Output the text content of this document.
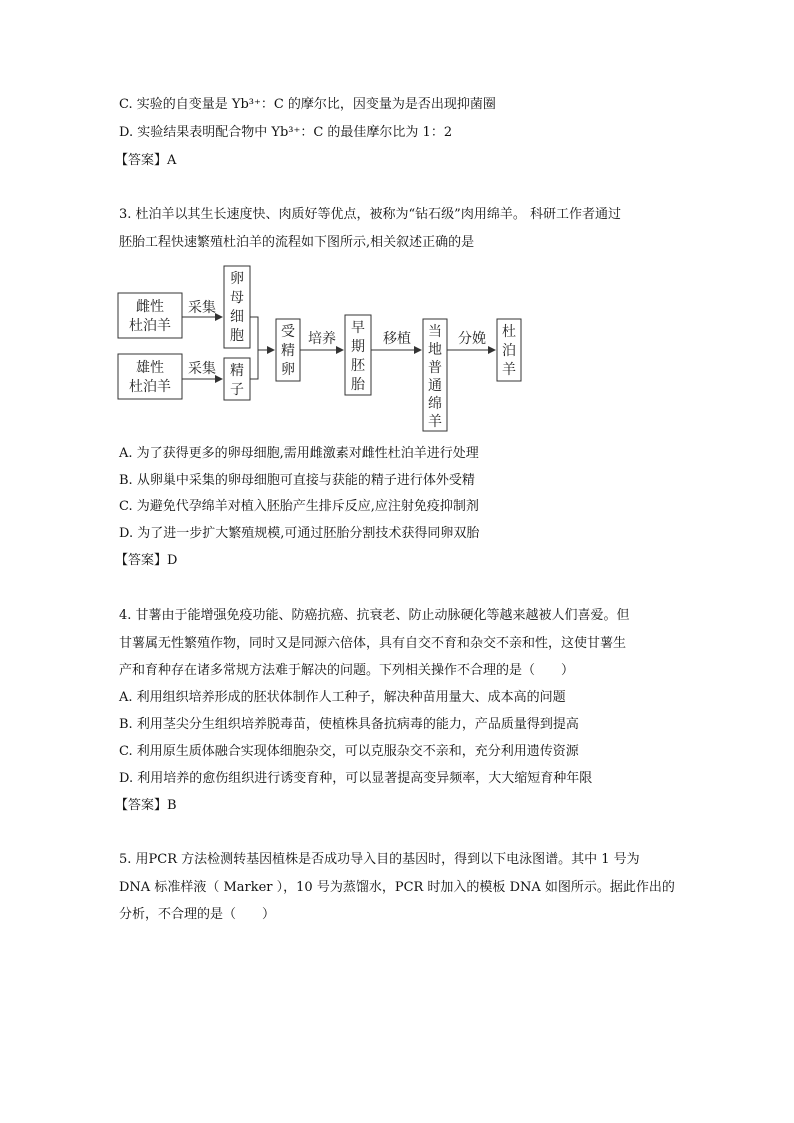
C. 实验的自变量是 Yb³⁺：C 的摩尔比，因变量为是否出现抑菌圈
D. 实验结果表明配合物中 Yb³⁺：C 的最佳摩尔比为 1：2
【答案】A
3. 杜泊羊以其生长速度快、肉质好等优点，被称为“钻石级”肉用绵羊。 科研工作者通过
胚胎工程快速繁殖杜泊羊的流程如下图所示,相关叙述正确的是
雌性
杜泊羊
雄性
杜泊羊
采集
采集
卵
母
细
胞
精
子
受
精
卵
培养
早
期
胚
胎
移植 当
地
普
通
绵
羊
分娩 杜
泊
羊
A. 为了获得更多的卵母细胞,需用雌激素对雌性杜泊羊进行处理
B. 从卵巢中采集的卵母细胞可直接与获能的精子进行体外受精
C. 为避免代孕绵羊对植入胚胎产生排斥反应,应注射免疫抑制剂
D. 为了进一步扩大繁殖规模,可通过胚胎分割技术获得同卵双胎
【答案】D
4. 甘薯由于能增强免疫功能、防癌抗癌、抗衰老、防止动脉硬化等越来越被人们喜爱。但
甘薯属无性繁殖作物，同时又是同源六倍体，具有自交不育和杂交不亲和性，这使甘薯生
产和育种存在诸多常规方法难于解决的问题。下列相关操作不合理的是（　　）
A. 利用组织培养形成的胚状体制作人工种子，解决种苗用量大、成本高的问题
B. 利用茎尖分生组织培养脱毒苗，使植株具备抗病毒的能力，产品质量得到提高
C. 利用原生质体融合实现体细胞杂交，可以克服杂交不亲和，充分利用遗传资源
D. 利用培养的愈伤组织进行诱变育种，可以显著提高变异频率，大大缩短育种年限
【答案】B
5. 用PCR 方法检测转基因植株是否成功导入目的基因时，得到以下电泳图谱。其中 1 号为
DNA 标准样液（ Marker ），10 号为蒸馏水，PCR 时加入的模板 DNA 如图所示。据此作出的
分析，不合理的是（　　）
